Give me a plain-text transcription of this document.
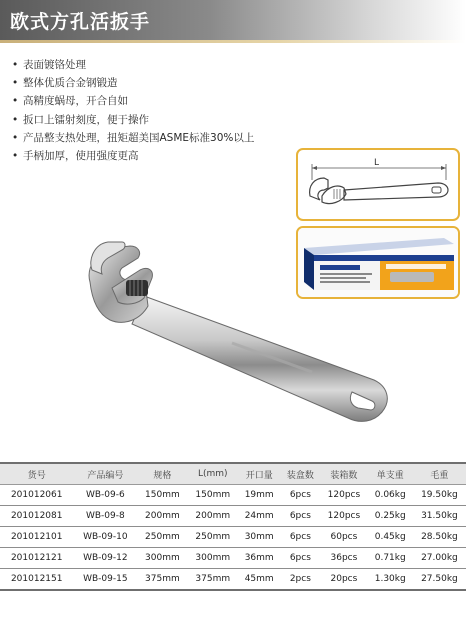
欧式方孔活扳手
• 表面镀铬处理
• 整体优质合金钢锻造
• 高精度蜗母，开合自如
• 扳口上镭射刻度，便于操作
• 产品整支热处理，扭矩超美国ASME标准30%以上
• 手柄加厚，使用强度更高
L
货号	产品编号	规格	L(mm)	开口量	装盒数	装箱数	单支重	毛重
201012061	WB-09-6	150mm	150mm	19mm	6pcs	120pcs	0.06kg	19.50kg
201012081	WB-09-8	200mm	200mm	24mm	6pcs	120pcs	0.25kg	31.50kg
201012101	WB-09-10	250mm	250mm	30mm	6pcs	60pcs	0.45kg	28.50kg
201012121	WB-09-12	300mm	300mm	36mm	6pcs	36pcs	0.71kg	27.00kg
201012151	WB-09-15	375mm	375mm	45mm	2pcs	20pcs	1.30kg	27.50kg
